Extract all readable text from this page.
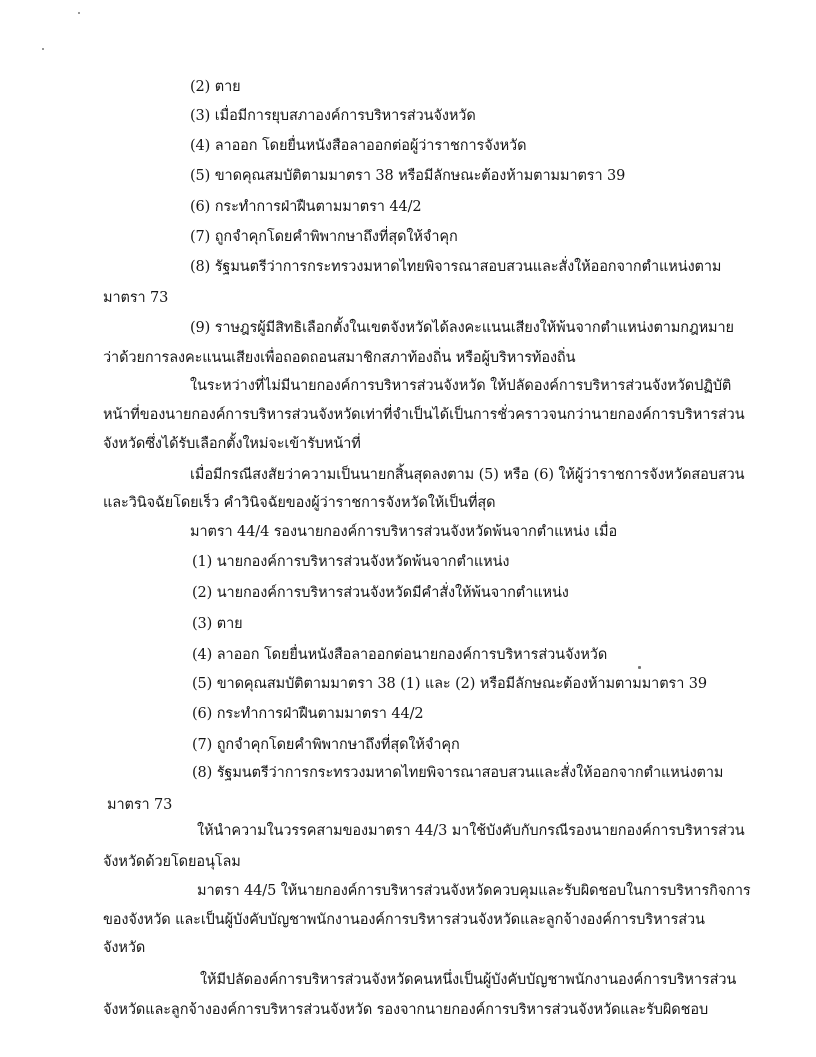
(2) ตาย
(3) เมื่อมีการยุบสภาองค์การบริหารส่วนจังหวัด
(4) ลาออก โดยยื่นหนังสือลาออกต่อผู้ว่าราชการจังหวัด
(5) ขาดคุณสมบัติตามมาตรา 38 หรือมีลักษณะต้องห้ามตามมาตรา 39
(6) กระทำการฝ่าฝืนตามมาตรา 44/2
(7) ถูกจำคุกโดยคำพิพากษาถึงที่สุดให้จำคุก
(8) รัฐมนตรีว่าการกระทรวงมหาดไทยพิจารณาสอบสวนและสั่งให้ออกจากตำแหน่งตาม
มาตรา 73
(9) ราษฎรผู้มีสิทธิเลือกตั้งในเขตจังหวัดได้ลงคะแนนเสียงให้พ้นจากตำแหน่งตามกฎหมาย
ว่าด้วยการลงคะแนนเสียงเพื่อถอดถอนสมาชิกสภาท้องถิ่น หรือผู้บริหารท้องถิ่น
ในระหว่างที่ไม่มีนายกองค์การบริหารส่วนจังหวัด ให้ปลัดองค์การบริหารส่วนจังหวัดปฏิบัติ
หน้าที่ของนายกองค์การบริหารส่วนจังหวัดเท่าที่จำเป็นได้เป็นการชั่วคราวจนกว่านายกองค์การบริหารส่วน
จังหวัดซึ่งได้รับเลือกตั้งใหม่จะเข้ารับหน้าที่
เมื่อมีกรณีสงสัยว่าความเป็นนายกสิ้นสุดลงตาม (5) หรือ (6) ให้ผู้ว่าราชการจังหวัดสอบสวน
และวินิจฉัยโดยเร็ว คำวินิจฉัยของผู้ว่าราชการจังหวัดให้เป็นที่สุด
มาตรา 44/4 รองนายกองค์การบริหารส่วนจังหวัดพ้นจากตำแหน่ง เมื่อ
(1) นายกองค์การบริหารส่วนจังหวัดพ้นจากตำแหน่ง
(2) นายกองค์การบริหารส่วนจังหวัดมีคำสั่งให้พ้นจากตำแหน่ง
(3) ตาย
(4) ลาออก โดยยื่นหนังสือลาออกต่อนายกองค์การบริหารส่วนจังหวัด
(5) ขาดคุณสมบัติตามมาตรา 38 (1) และ (2) หรือมีลักษณะต้องห้ามตามมาตรา 39
(6) กระทำการฝ่าฝืนตามมาตรา 44/2
(7) ถูกจำคุกโดยคำพิพากษาถึงที่สุดให้จำคุก
(8) รัฐมนตรีว่าการกระทรวงมหาดไทยพิจารณาสอบสวนและสั่งให้ออกจากตำแหน่งตาม
มาตรา 73
ให้นำความในวรรคสามของมาตรา 44/3 มาใช้บังคับกับกรณีรองนายกองค์การบริหารส่วน
จังหวัดด้วยโดยอนุโลม
มาตรา 44/5 ให้นายกองค์การบริหารส่วนจังหวัดควบคุมและรับผิดชอบในการบริหารกิจการ
ของจังหวัด และเป็นผู้บังคับบัญชาพนักงานองค์การบริหารส่วนจังหวัดและลูกจ้างองค์การบริหารส่วน
จังหวัด
ให้มีปลัดองค์การบริหารส่วนจังหวัดคนหนึ่งเป็นผู้บังคับบัญชาพนักงานองค์การบริหารส่วน
จังหวัดและลูกจ้างองค์การบริหารส่วนจังหวัด รองจากนายกองค์การบริหารส่วนจังหวัดและรับผิดชอบ
